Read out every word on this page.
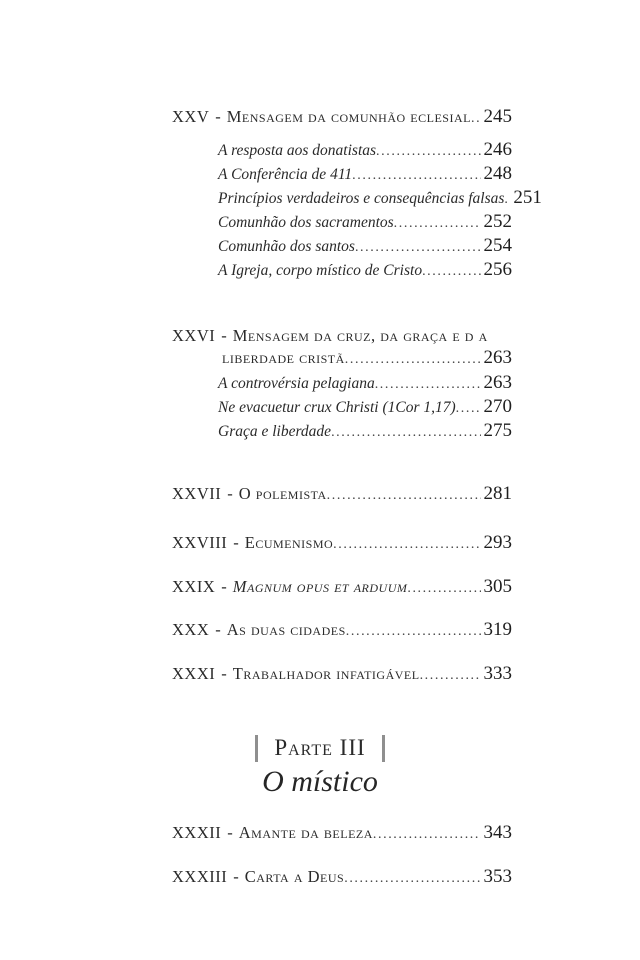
XXV - Mensagem da comunhão eclesial ..... 245
A resposta aos donatistas .....	246
A Conferência de 411 .....	248
Princípios verdadeiros e consequências falsas ..... 251
Comunhão dos sacramentos .....	252
Comunhão dos santos .....	254
A Igreja, corpo místico de Cristo .....	256
XXVI - Mensagem da cruz, da graça e d a
liberdade cristã .....	263
A controvérsia pelagiana .....	263
Ne evacuetur crux Christi (1Cor 1,17) ..... 270
Graça e liberdade .....	275
XXVII - O polemista .....	281
XXVIII - Ecumenismo .....	293
XXIX - Magnum opus et arduum .....	305
XXX - As duas cidades .....	319
XXXI - Trabalhador infatigável .....	333
Parte III
O místico
XXXII - Amante da beleza .....	343
XXXIII - Carta a Deus .....	353
